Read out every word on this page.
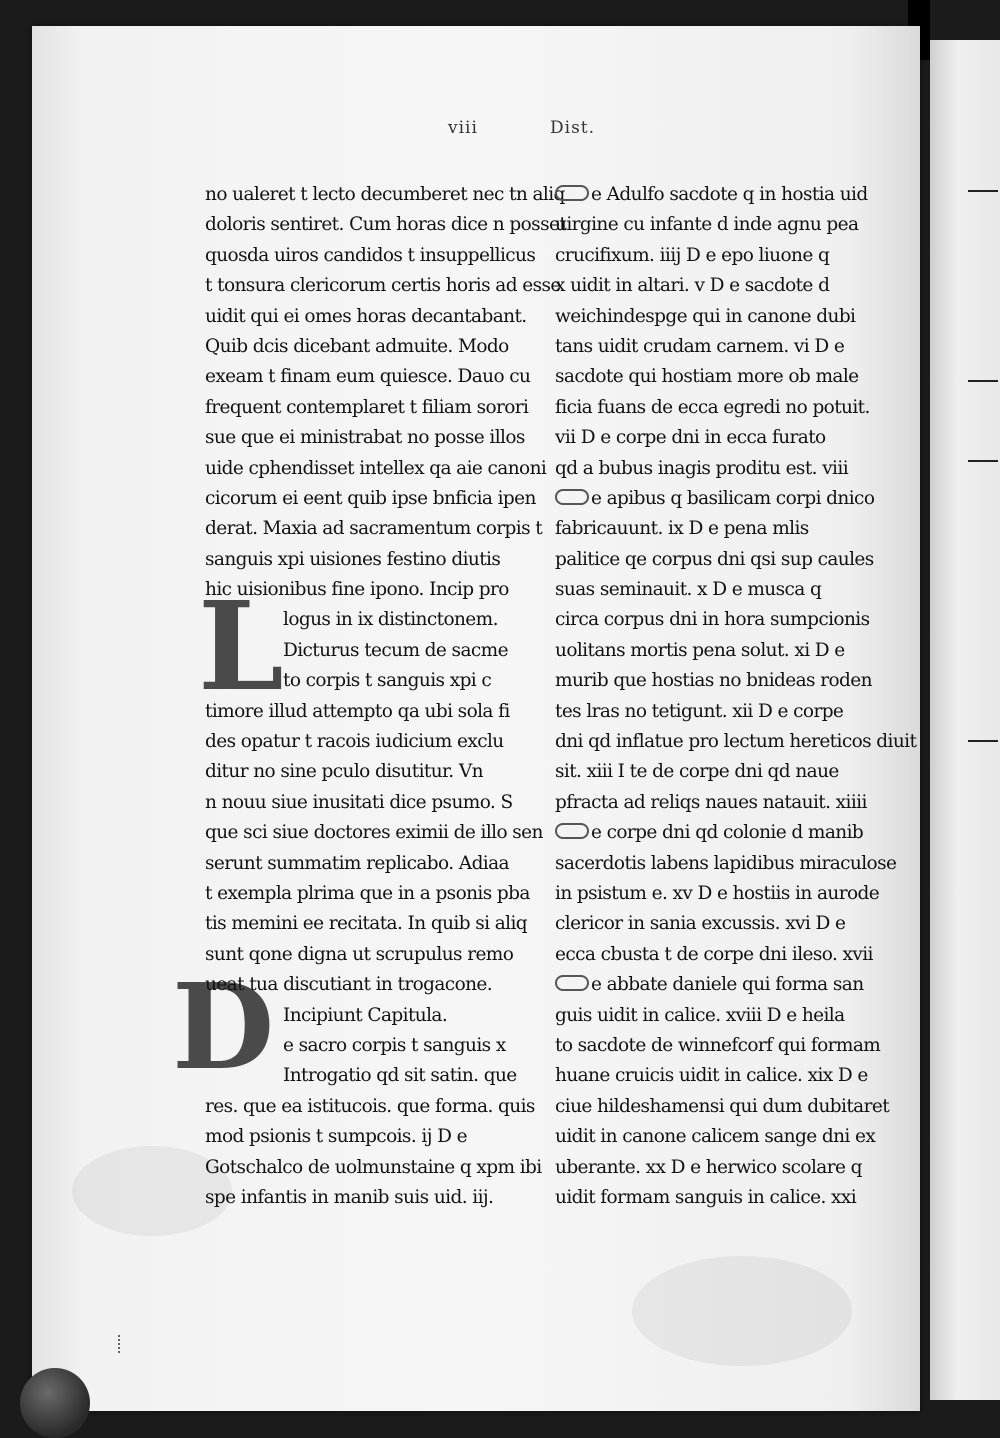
viii	Dist.
L
D
no ualeret t lecto decumberet nec tn aliq
doloris sentiret. Cum horas dice n posset
quosda uiros candidos t insuppellicus
t tonsura clericorum certis horis ad esse
uidit qui ei omes horas decantabant.
Quib dcis dicebant admuite. Modo
exeam t finam eum quiesce. Dauo cu
frequent contemplaret t filiam sorori
sue que ei ministrabat no posse illos
uide cphendisset intellex qa aie canoni
cicorum ei eent quib ipse bnficia ipen
derat. Maxia ad sacramentum corpis t
sanguis xpi uisiones festino diutis
hic uisionibus fine ipono. Incip pro
logus in ix distinctonem.
Dicturus tecum de sacme
to corpis t sanguis xpi c
timore illud attempto qa ubi sola fi
des opatur t racois iudicium exclu
ditur no sine pculo disutitur. Vn
n nouu siue inusitati dice psumo. S
que sci siue doctores eximii de illo sen
serunt summatim replicabo. Adiaa
t exempla plrima que in a psonis pba
tis memini ee recitata. In quib si aliq
sunt qone digna ut scrupulus remo
ueat tua discutiant in trogacone.
Incipiunt Capitula.
e sacro corpis t sanguis x
Introgatio qd sit satin. que
res. que ea istitucois. que forma. quis
mod psionis t sumpcois. ij D e
Gotschalco de uolmunstaine q xpm ibi
spe infantis in manib suis uid. iij.
e Adulfo sacdote q in hostia uid
uirgine cu infante d inde agnu pea
crucifixum. iiij D e epo liuone q
x uidit in altari. v D e sacdote d
weichindespge qui in canone dubi
tans uidit crudam carnem. vi D e
sacdote qui hostiam more ob male
ficia fuans de ecca egredi no potuit.
vii D e corpe dni in ecca furato
qd a bubus inagis proditu est. viii
e apibus q basilicam corpi dnico
fabricauunt. ix D e pena mlis
palitice qe corpus dni qsi sup caules
suas seminauit. x D e musca q
circa corpus dni in hora sumpcionis
uolitans mortis pena solut. xi D e
murib que hostias no bnideas roden
tes lras no tetigunt. xii D e corpe
dni qd inflatue pro lectum hereticos diuit
sit. xiii I te de corpe dni qd naue
pfracta ad reliqs naues natauit. xiiii
e corpe dni qd colonie d manib
sacerdotis labens lapidibus miraculose
in psistum e. xv D e hostiis in aurode
clericor in sania excussis. xvi D e
ecca cbusta t de corpe dni ileso. xvii
e abbate daniele qui forma san
guis uidit in calice. xviii D e heila
to sacdote de winnefcorf qui formam
huane cruicis uidit in calice. xix D e
ciue hildeshamensi qui dum dubitaret
uidit in canone calicem sange dni ex
uberante. xx D e herwico scolare q
uidit formam sanguis in calice. xxi
